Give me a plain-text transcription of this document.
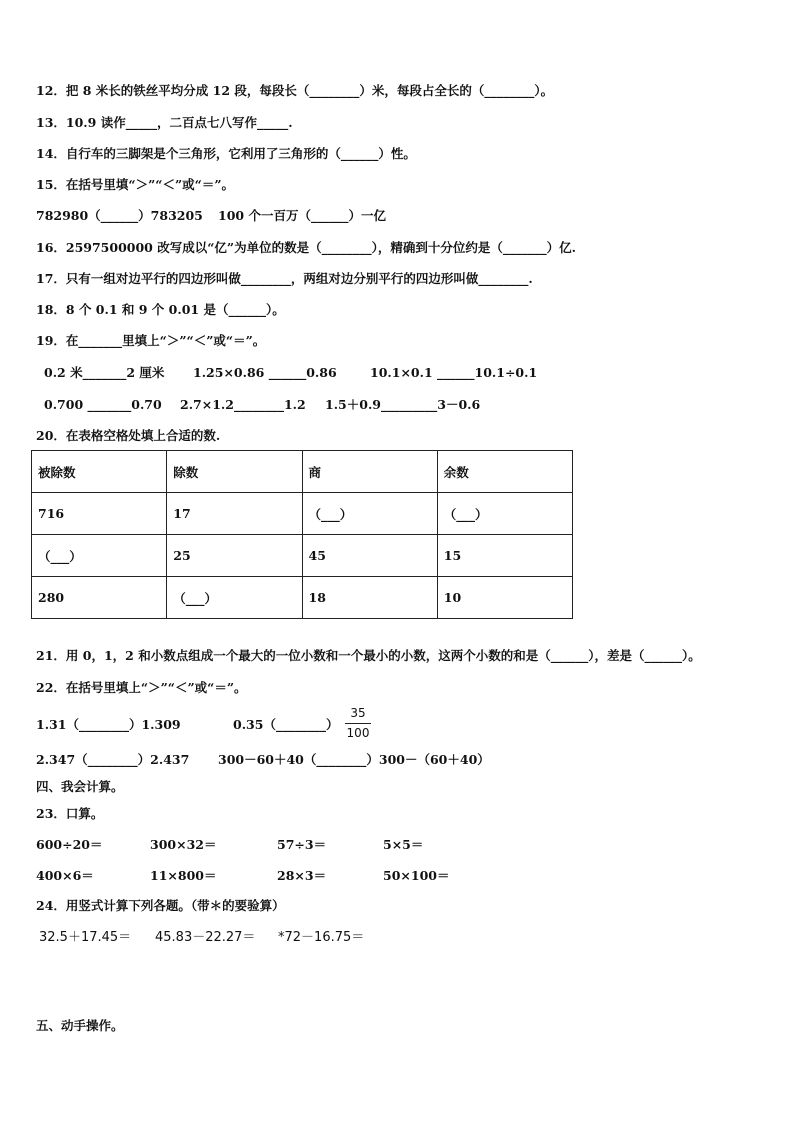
12．把 8 米长的铁丝平均分成 12 段，每段长（________）米，每段占全长的（________）。
13．10.9 读作_____，二百点七八写作_____.
14．自行车的三脚架是个三角形，它利用了三角形的（______）性。
15．在括号里填“＞”“＜”或“＝”。
782980（______）783205 100 个一百万（______）一亿
16．2597500000 改写成以“亿”为单位的数是（________），精确到十分位约是（_______）亿.
17．只有一组对边平行的四边形叫做________，两组对边分别平行的四边形叫做________.
18．8 个 0.1 和 9 个 0.01 是（______）。
19．在_______里填上“＞”“＜”或“＝”。
0.2 米_______2 厘米 1.25×0.86 ______0.86	10.1×0.1 ______10.1÷0.1
0.700 _______0.70 2.7×1.2________1.2 1.5＋0.9_________3－0.6
20．在表格空格处填上合适的数.
被除数	除数	商	余数
716	17	（___）	（___）
（___）	25	45	15
280	（___）	18	10
21．用 0，1，2 和小数点组成一个最大的一位小数和一个最小的小数，这两个小数的和是（______），差是（______）。
22．在括号里填上“＞”“＜”或“＝”。
1.31（________）1.309	0.35（________）
35
100
2.347（________）2.437 300－60＋40（________）300－（60＋40）
四、我会计算。
23．口算。
600÷20＝	300×32＝	57÷3＝	5×5＝
400×6＝	11×800＝	28×3＝	50×100＝
24．用竖式计算下列各题。（带＊的要验算）
32.5＋17.45＝ 45.83－22.27＝ *72－16.75＝
五、动手操作。
